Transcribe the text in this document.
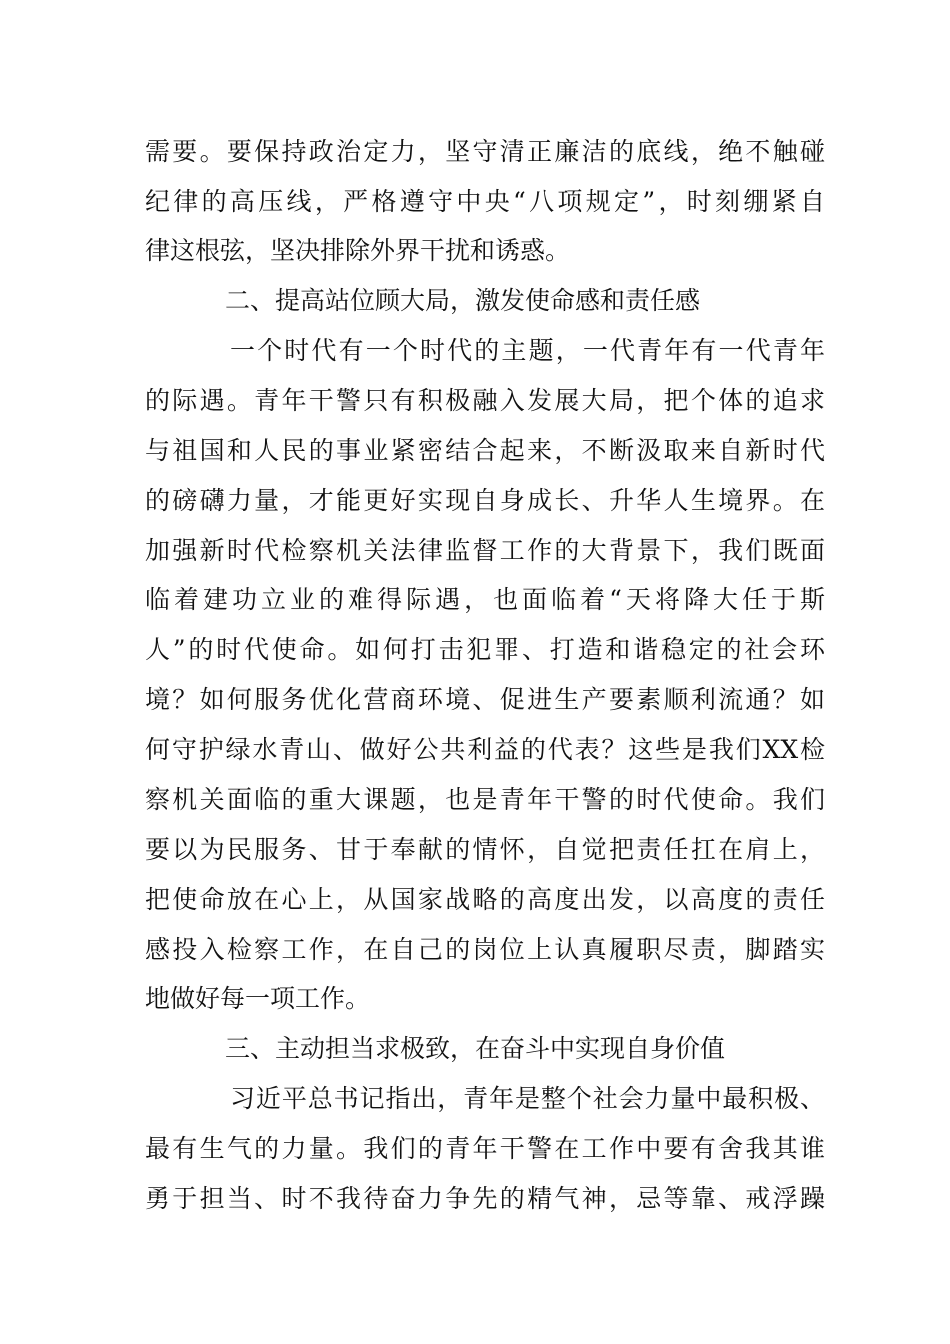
需要。要保持政治定力，坚守清正廉洁的底线，绝不触碰
纪律的高压线，严格遵守中央“八项规定”，时刻绷紧自
律这根弦，坚决排除外界干扰和诱惑。
二、提高站位顾大局，激发使命感和责任感
一个时代有一个时代的主题，一代青年有一代青年
的际遇。青年干警只有积极融入发展大局，把个体的追求
与祖国和人民的事业紧密结合起来，不断汲取来自新时代
的磅礴力量，才能更好实现自身成长、升华人生境界。在
加强新时代检察机关法律监督工作的大背景下，我们既面
临着建功立业的难得际遇，也面临着“天将降大任于斯
人”的时代使命。如何打击犯罪、打造和谐稳定的社会环
境？如何服务优化营商环境、促进生产要素顺利流通？如
何守护绿水青山、做好公共利益的代表？这些是我们XX检
察机关面临的重大课题，也是青年干警的时代使命。我们
要以为民服务、甘于奉献的情怀，自觉把责任扛在肩上，
把使命放在心上，从国家战略的高度出发，以高度的责任
感投入检察工作，在自己的岗位上认真履职尽责，脚踏实
地做好每一项工作。
三、主动担当求极致，在奋斗中实现自身价值
习近平总书记指出，青年是整个社会力量中最积极、
最有生气的力量。我们的青年干警在工作中要有舍我其谁
勇于担当、时不我待奋力争先的精气神，忌等靠、戒浮躁
